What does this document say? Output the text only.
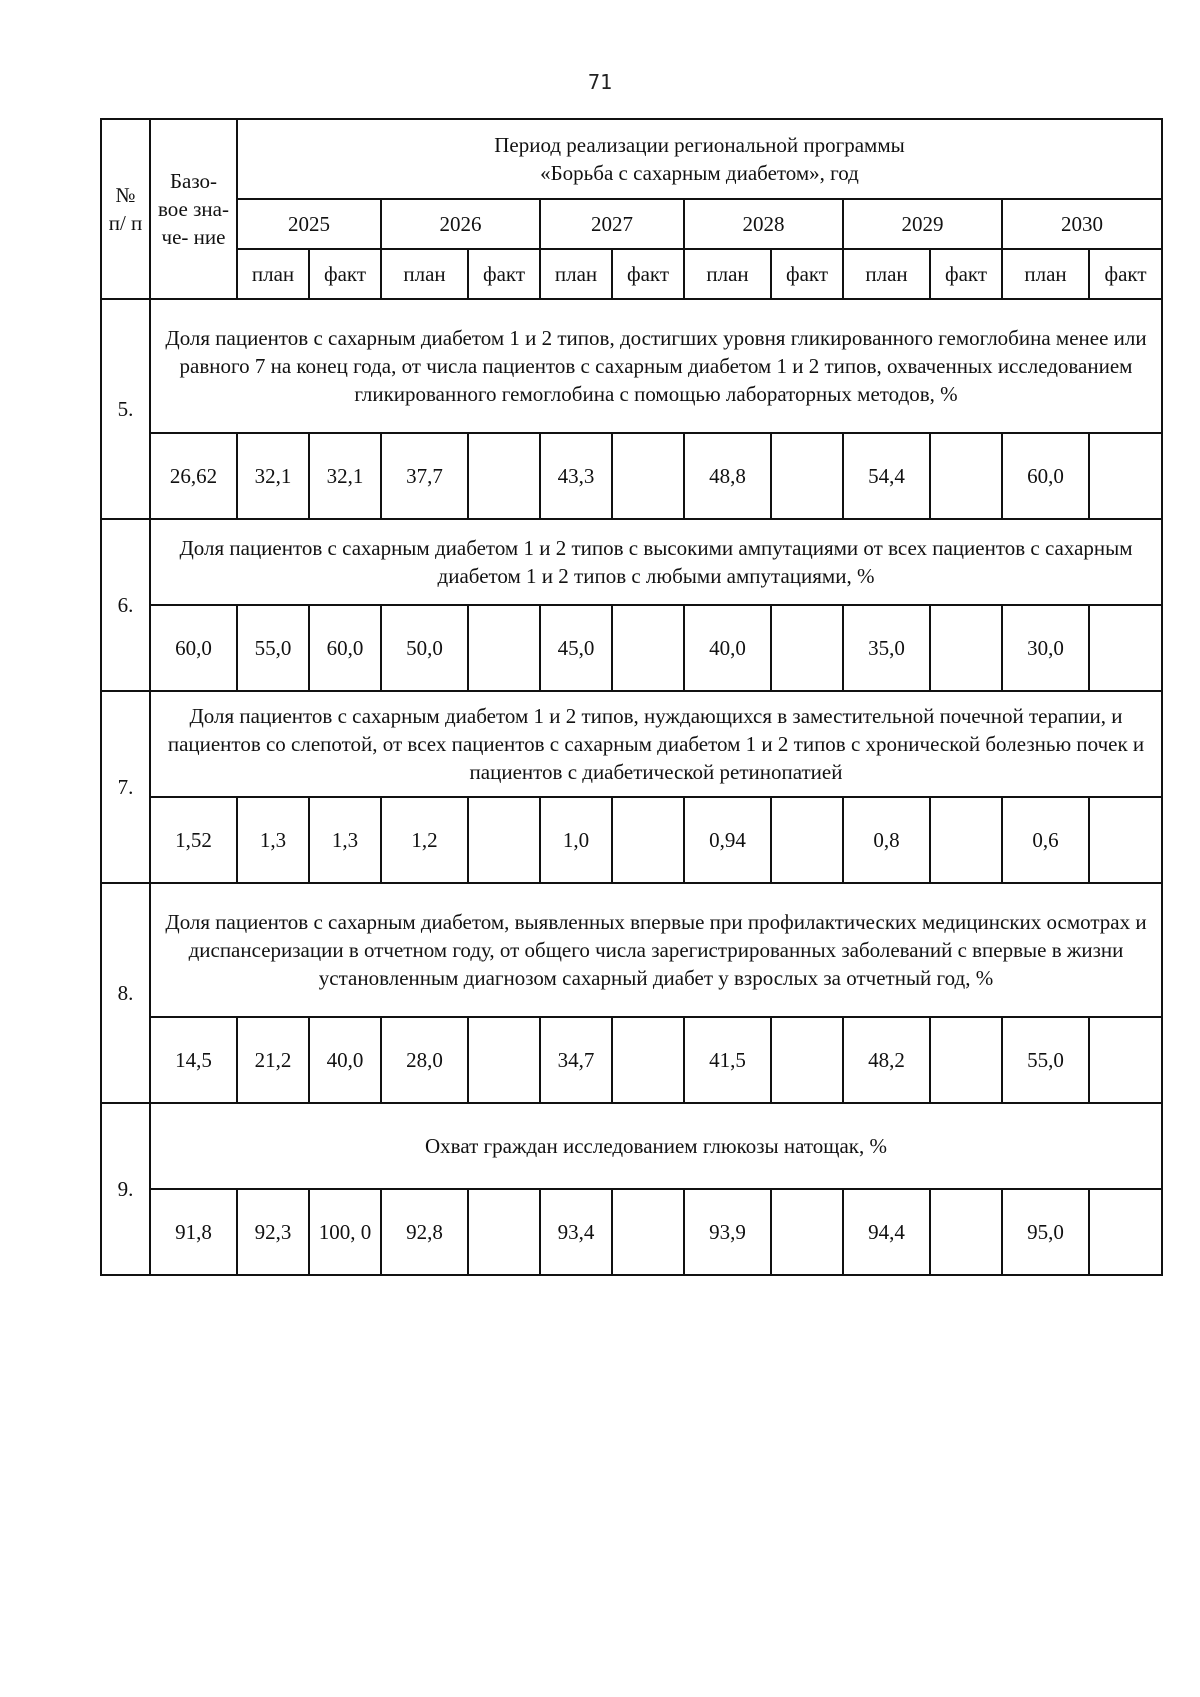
71
№ п/ п	Базо- вое зна- че- ние	Период реализации региональной программы
«Борьба с сахарным диабетом», год											

		2025		2026		2027		2028		2029		2030	
		план	факт	план	факт	план	факт	план	факт	план	факт	план	факт
5.	Доля пациентов с сахарным диабетом 1 и 2 типов, достигших уровня гликированного гемоглобина менее или равного 7 на конец года, от числа пациентов с сахарным диабетом 1 и 2 типов, охваченных исследованием гликированного гемоглобина с помощью лабораторных методов, %												
	26,62	32,1	32,1	37,7		43,3		48,8		54,4		60,0	
6.	Доля пациентов с сахарным диабетом 1 и 2 типов с высокими ампутациями от всех пациентов с сахарным диабетом 1 и 2 типов с любыми ампутациями, %												
	60,0	55,0	60,0	50,0		45,0		40,0		35,0		30,0	
7.	Доля пациентов с сахарным диабетом 1 и 2 типов, нуждающихся в заместительной почечной терапии, и пациентов со слепотой, от всех пациентов с сахарным диабетом 1 и 2 типов с хронической болезнью почек и пациентов с диабетической ретинопатией												
	1,52	1,3	1,3	1,2		1,0		0,94		0,8		0,6	
8.	Доля пациентов с сахарным диабетом, выявленных впервые при профилактических медицинских осмотрах и диспансеризации в отчетном году, от общего числа зарегистрированных заболеваний с впервые в жизни установленным диагнозом сахарный диабет у взрослых за отчетный год, %												
	14,5	21,2	40,0	28,0		34,7		41,5		48,2		55,0	
9.	Охват граждан исследованием глюкозы натощак, %												
	91,8	92,3	100, 0	92,8		93,4		93,9		94,4		95,0	
